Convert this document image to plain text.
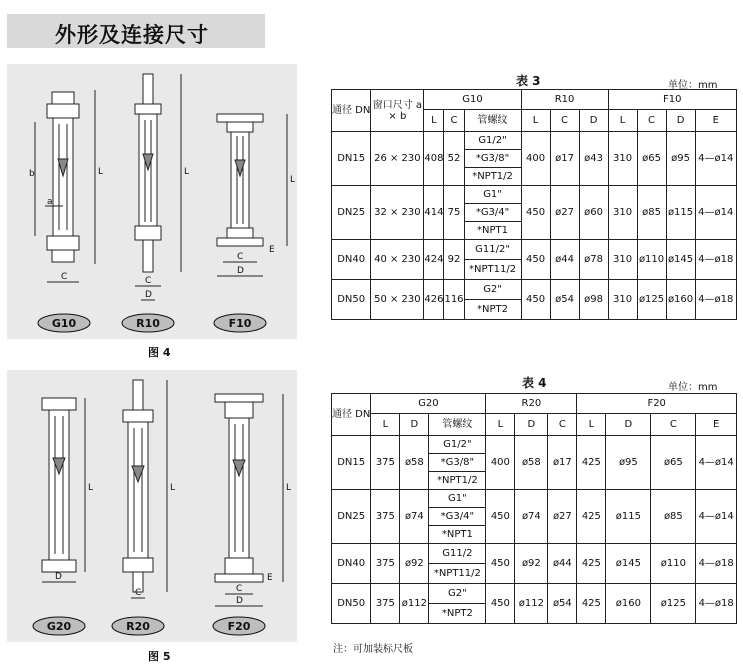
外形及连接尺寸
G10	R10	F10
b
a
L
C
L
C
D
L
C
D
E
图 4
G20	R20	F20
L
D
L
C
L
C
D
E
图 5
表 3	单位：mm
通径 DN	窗口尺寸 a × b	G10			R10			F10			
		L	C	管螺纹	L	C	D	L	C	D	E
DN15	26 × 230	408	52	G1/2"	400	ø17	ø43	310	ø65	ø95	4—ø14
				*G3/8"							
				*NPT1/2							
DN25	32 × 230	414	75	G1"	450	ø27	ø60	310	ø85	ø115	4—ø14
				*G3/4"							
				*NPT1							
DN40	40 × 230	424	92	G11/2"	450	ø44	ø78	310	ø110	ø145	4—ø18
				*NPT11/2							
DN50	50 × 230	426	116	G2"	450	ø54	ø98	310	ø125	ø160	4—ø18
				*NPT2							
表 4	单位：mm
通径 DN	G20			R20			F20			
	L	D	管螺纹	L	D	C	L	D	C	E
DN15	375	ø58	G1/2"	400	ø58	ø17	425	ø95	ø65	4—ø14
			*G3/8"							
			*NPT1/2							
DN25	375	ø74	G1"	450	ø74	ø27	425	ø115	ø85	4—ø14
			*G3/4"							
			*NPT1							
DN40	375	ø92	G11/2	450	ø92	ø44	425	ø145	ø110	4—ø18
			*NPT11/2							
DN50	375	ø112	G2"	450	ø112	ø54	425	ø160	ø125	4—ø18
			*NPT2							
注：可加装标尺板
